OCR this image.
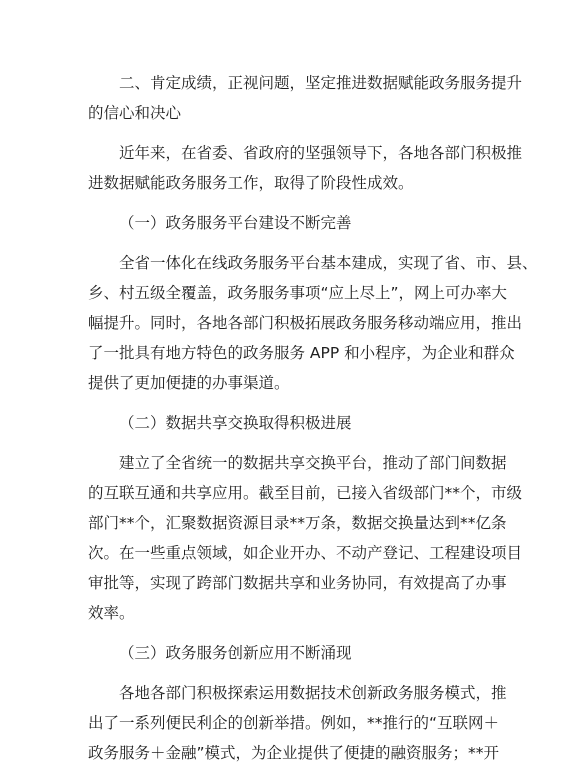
二、肯定成绩，正视问题，坚定推进数据赋能政务服务提升
的信心和决心

近年来，在省委、省政府的坚强领导下，各地各部门积极推
进数据赋能政务服务工作，取得了阶段性成效。

（一）政务服务平台建设不断完善

全省一体化在线政务服务平台基本建成，实现了省、市、县、
乡、村五级全覆盖，政务服务事项“应上尽上”，网上可办率大
幅提升。同时，各地各部门积极拓展政务服务移动端应用，推出
了一批具有地方特色的政务服务 APP 和小程序，为企业和群众
提供了更加便捷的办事渠道。

（二）数据共享交换取得积极进展

建立了全省统一的数据共享交换平台，推动了部门间数据
的互联互通和共享应用。截至目前，已接入省级部门**个，市级
部门**个，汇聚数据资源目录**万条，数据交换量达到**亿条
次。在一些重点领域，如企业开办、不动产登记、工程建设项目
审批等，实现了跨部门数据共享和业务协同，有效提高了办事
效率。

（三）政务服务创新应用不断涌现

各地各部门积极探索运用数据技术创新政务服务模式，推
出了一系列便民利企的创新举措。例如，**推行的“互联网＋
政务服务＋金融”模式，为企业提供了便捷的融资服务；**开
